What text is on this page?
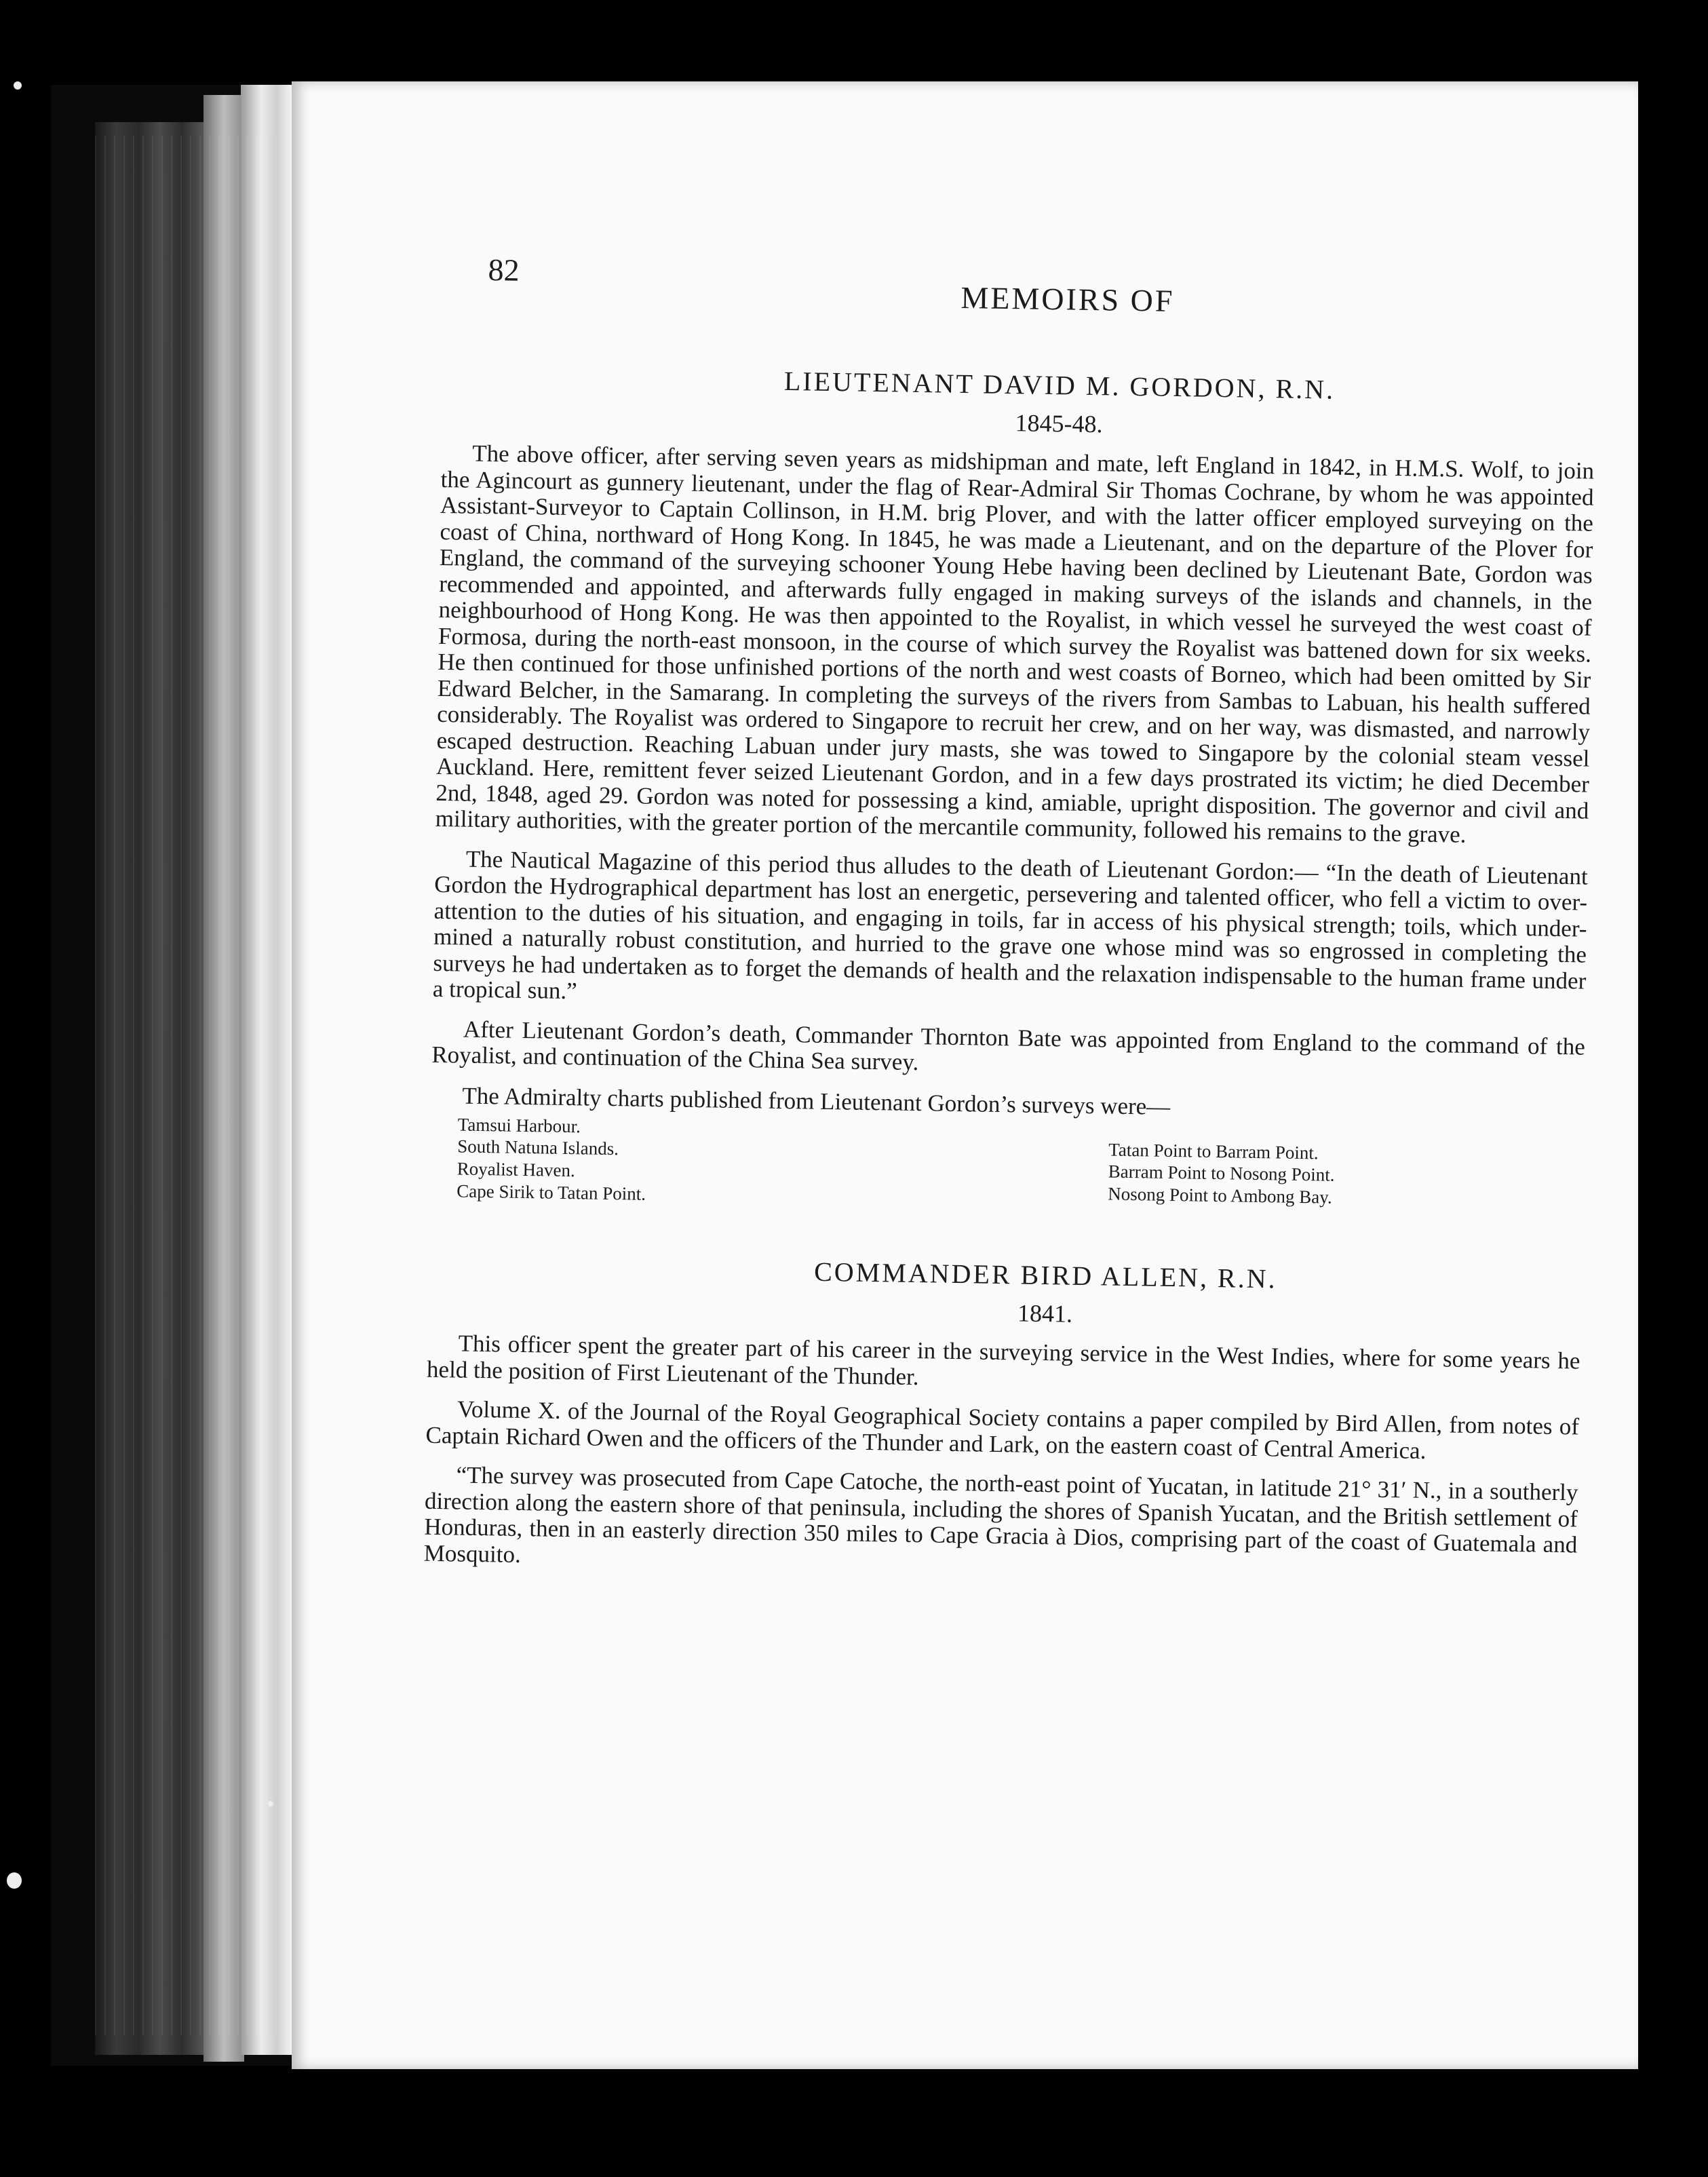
82
MEMOIRS OF
LIEUTENANT DAVID M. GORDON, R.N.
1845-48.

The above officer, after serving seven years as midshipman and mate, left England in 1842, in H.M.S. Wolf, to join the Agincourt as gunnery lieutenant, under the flag of Rear-Admiral Sir Thomas Cochrane, by whom he was appointed Assistant-Surveyor to Captain Collinson, in H.M. brig Plover, and with the latter officer employed surveying on the coast of China, northward of Hong Kong. In 1845, he was made a Lieutenant, and on the departure of the Plover for England, the command of the surveying schooner Young Hebe having been declined by Lieutenant Bate, Gordon was recommended and appointed, and afterwards fully engaged in making surveys of the islands and channels, in the neighbourhood of Hong Kong. He was then appointed to the Royalist, in which vessel he surveyed the west coast of Formosa, during the north-east monsoon, in the course of which survey the Royalist was battened down for six weeks. He then continued for those unfinished portions of the north and west coasts of Borneo, which had been omitted by Sir Edward Belcher, in the Samarang. In completing the surveys of the rivers from Sambas to Labuan, his health suffered considerably. The Royalist was ordered to Singapore to recruit her crew, and on her way, was dismasted, and narrowly escaped destruction. Reaching Labuan under jury masts, she was towed to Singapore by the colonial steam vessel Auckland. Here, remittent fever seized Lieutenant Gordon, and in a few days prostrated its victim; he died December 2nd, 1848, aged 29. Gordon was noted for possessing a kind, amiable, upright disposition. The governor and civil and military authorities, with the greater portion of the mercantile community, followed his remains to the grave.

The Nautical Magazine of this period thus alludes to the death of Lieutenant Gordon:— “In the death of Lieutenant Gordon the Hydrographical department has lost an energetic, persevering and talented officer, who fell a victim to over-attention to the duties of his situation, and engaging in toils, far in access of his physical strength; toils, which under-mined a naturally robust constitution, and hurried to the grave one whose mind was so engrossed in completing the surveys he had undertaken as to forget the demands of health and the relaxation indispensable to the human frame under a tropical sun.”

After Lieutenant Gordon’s death, Commander Thornton Bate was appointed from England to the command of the Royalist, and continuation of the China Sea survey.

The Admiralty charts published from Lieutenant Gordon’s surveys were—

Tamsui Harbour.
South Natuna Islands.
Royalist Haven.
Cape Sirik to Tatan Point.
Tatan Point to Barram Point.
Barram Point to Nosong Point.
Nosong Point to Ambong Bay.
COMMANDER BIRD ALLEN, R.N.
1841.

This officer spent the greater part of his career in the surveying service in the West Indies, where for some years he held the position of First Lieutenant of the Thunder.

Volume X. of the Journal of the Royal Geographical Society contains a paper compiled by Bird Allen, from notes of Captain Richard Owen and the officers of the Thunder and Lark, on the eastern coast of Central America.

“The survey was prosecuted from Cape Catoche, the north-east point of Yucatan, in latitude 21° 31′ N., in a southerly direction along the eastern shore of that peninsula, including the shores of Spanish Yucatan, and the British settlement of Honduras, then in an easterly direction 350 miles to Cape Gracia à Dios, comprising part of the coast of Guatemala and Mosquito.
